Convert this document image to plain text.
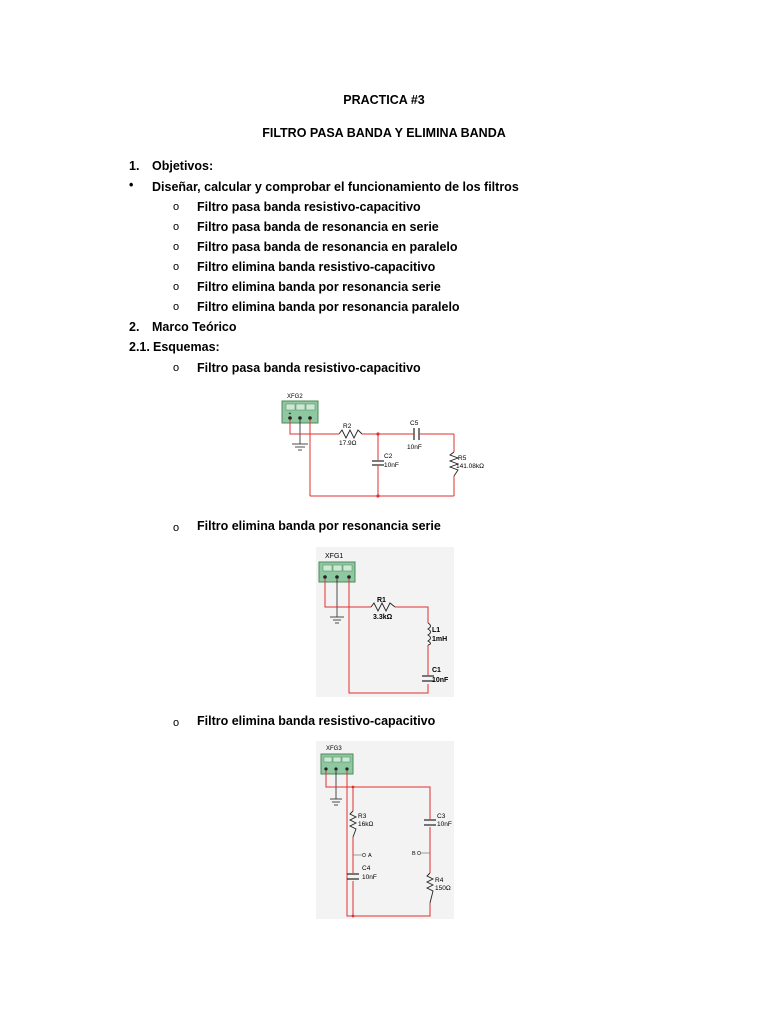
PRACTICA #3
FILTRO PASA BANDA Y ELIMINA BANDA
1. Objetivos:
• Diseñar, calcular y comprobar el funcionamiento de los filtros
o Filtro pasa banda resistivo-capacitivo
o Filtro pasa banda de resonancia en serie
o Filtro pasa banda de resonancia en paralelo
o Filtro elimina banda resistivo-capacitivo
o Filtro elimina banda por resonancia serie
o Filtro elimina banda por resonancia paralelo
2. Marco Teórico
2.1. Esquemas:
o Filtro pasa banda resistivo-capacitivo
+
XFG2
R2
17.9Ω
C5
10nF
C2
10nF
R5
141.08kΩ
o Filtro elimina banda por resonancia serie
XFG1
R1
3.3kΩ
L1
1mH
C1
10nF
o Filtro elimina banda resistivo-capacitivo
XFG3
R3
16kΩ
A
C4
10nF
C3
10nF
B
R4
150Ω
